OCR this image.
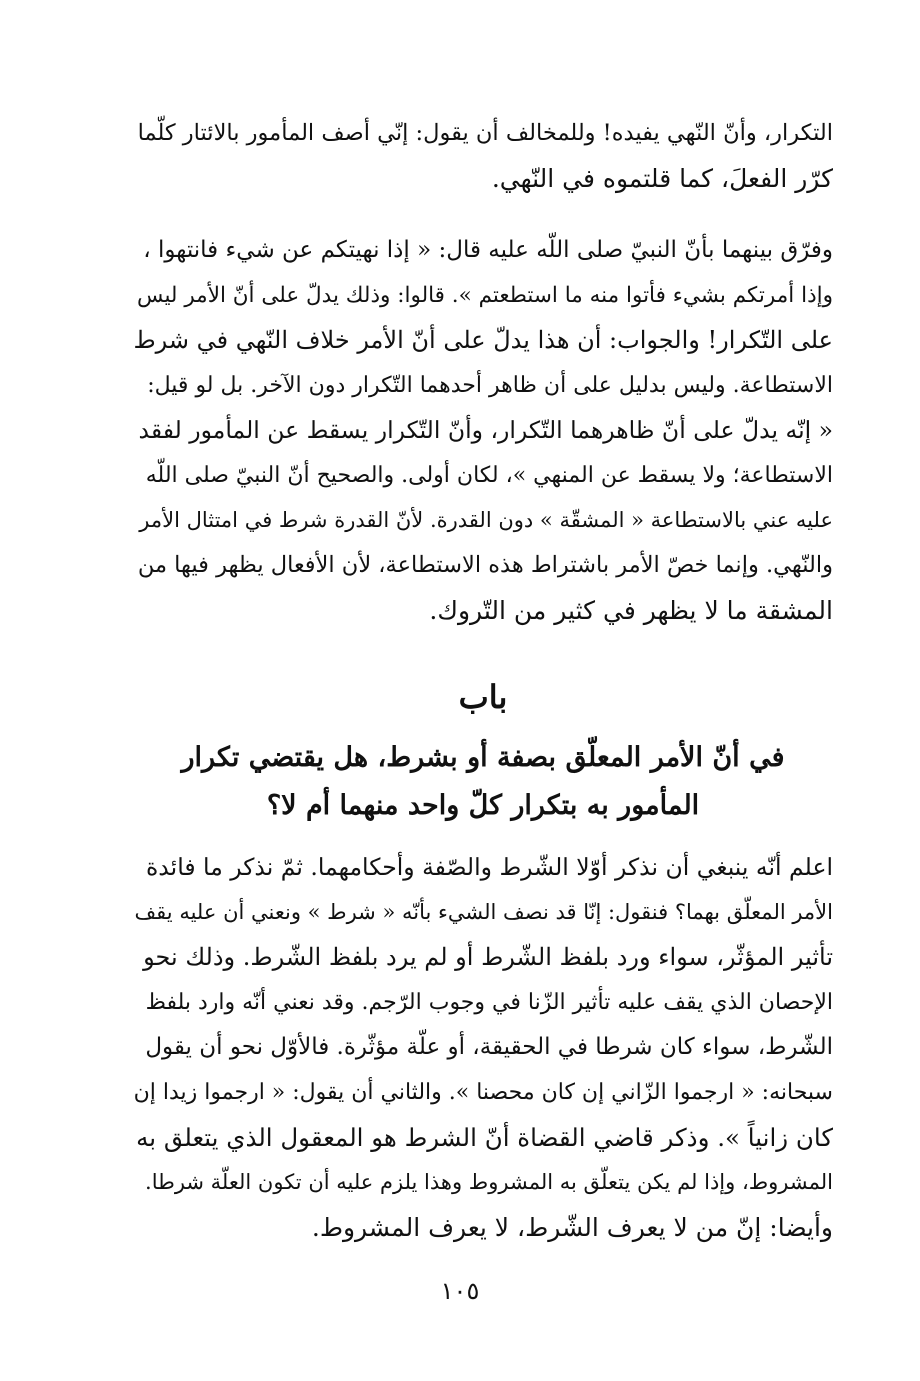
التكرار، وأنّ النّهي يفيده! وللمخالف أن يقول: إنّي أصف المأمور بالائتار كلّما
كرّر الفعلَ، كما قلتموه في النّهي.
وفرّق بينهما بأنّ النبيّ صلى اللّه عليه قال: « إذا نهيتكم عن شيء فانتهوا ،
وإذا أمرتكم بشيء فأتوا منه ما استطعتم ». قالوا: وذلك يدلّ على أنّ الأمر ليس
على التّكرار! والجواب: أن هذا يدلّ على أنّ الأمر خلاف النّهي في شرط
الاستطاعة. وليس بدليل على أن ظاهر أحدهما التّكرار دون الآخر. بل لو قيل:
« إنّه يدلّ على أنّ ظاهرهما التّكرار، وأنّ التّكرار يسقط عن المأمور لفقد
الاستطاعة؛ ولا يسقط عن المنهي »، لكان أولى. والصحيح أنّ النبيّ صلى اللّه
عليه عني بالاستطاعة « المشقّة » دون القدرة. لأنّ القدرة شرط في امتثال الأمر
والنّهي. وإنما خصّ الأمر باشتراط هذه الاستطاعة، لأن الأفعال يظهر فيها من
المشقة ما لا يظهر في كثير من التّروك.
باب
في أنّ الأمر المعلّق بصفة أو بشرط، هل يقتضي تكرار
المأمور به بتكرار كلّ واحد منهما أم لا؟
اعلم أنّه ينبغي أن نذكر أوّلا الشّرط والصّفة وأحكامهما. ثمّ نذكر ما فائدة
الأمر المعلّق بهما؟ فنقول: إنّا قد نصف الشيء بأنّه « شرط » ونعني أن عليه يقف
تأثير المؤثّر، سواء ورد بلفظ الشّرط أو لم يرد بلفظ الشّرط. وذلك نحو
الإحصان الذي يقف عليه تأثير الزّنا في وجوب الرّجم. وقد نعني أنّه وارد بلفظ
الشّرط، سواء كان شرطا في الحقيقة، أو علّة مؤثّرة. فالأوّل نحو أن يقول
سبحانه: « ارجموا الزّاني إن كان محصنا ». والثاني أن يقول: « ارجموا زيدا إن
كان زانياً ». وذكر قاضي القضاة أنّ الشرط هو المعقول الذي يتعلق به
المشروط، وإذا لم يكن يتعلّق به المشروط وهذا يلزم عليه أن تكون العلّة شرطا.
وأيضا: إنّ من لا يعرف الشّرط، لا يعرف المشروط.
١٠٥
